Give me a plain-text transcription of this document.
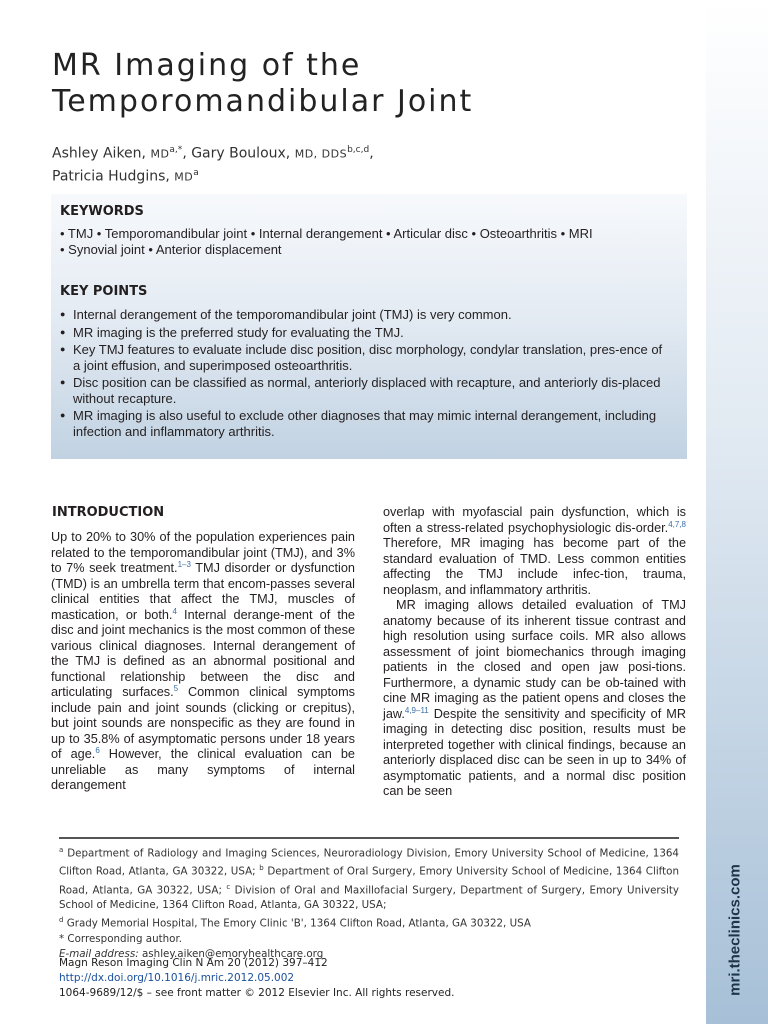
mri.theclinics.com
MR Imaging of the
Temporomandibular Joint
Ashley Aiken, $MD^{a,*}$, Gary Bouloux, MD, DDS$^{b,c,d}$,
Patricia Hudgins, $MD^a$
KEYWORDS
• TMJ • Temporomandibular joint • Internal derangement • Articular disc • Osteoarthritis • MRI
• Synovial joint • Anterior displacement
KEY POINTS
● Internal derangement of the temporomandibular joint (TMJ) is very common.
● MR imaging is the preferred study for evaluating the TMJ.
● Key TMJ features to evaluate include disc position, disc morphology, condylar translation, pres-ence of a joint effusion, and superimposed osteoarthritis.
● Disc position can be classified as normal, anteriorly displaced with recapture, and anteriorly dis-placed without recapture.
● MR imaging is also useful to exclude other diagnoses that may mimic internal derangement, including infection and inflammatory arthritis.
INTRODUCTION

Up to 20% to 30% of the population experiences pain related to the temporomandibular joint (TMJ), and 3% to 7% seek treatment.$^{1-3}$ TMJ disorder or dysfunction (TMD) is an umbrella term that encom-passes several clinical entities that affect the TMJ, muscles of mastication, or both.$^4$ Internal derange-ment of the disc and joint mechanics is the most common of these various clinical diagnoses. Internal derangement of the TMJ is defined as an abnormal positional and functional relationship between the disc and articulating surfaces.$^5$ Common clinical symptoms include pain and joint sounds (clicking or crepitus), but joint sounds are nonspecific as they are found in up to 35.8% of asymptomatic persons under 18 years of age.$^6$ However, the clinical evaluation can be unreliable as many symptoms of internal derangement

overlap with myofascial pain dysfunction, which is often a stress-related psychophysiologic dis-order.$^{4,7,8}$ Therefore, MR imaging has become part of the standard evaluation of TMD. Less common entities affecting the TMJ include infec-tion, trauma, neoplasm, and inflammatory arthritis.

MR imaging allows detailed evaluation of TMJ anatomy because of its inherent tissue contrast and high resolution using surface coils. MR also allows assessment of joint biomechanics through imaging patients in the closed and open jaw posi-tions. Furthermore, a dynamic study can be ob-tained with cine MR imaging as the patient opens and closes the jaw.$^{4,9-11}$ Despite the sensitivity and specificity of MR imaging in detecting disc position, results must be interpreted together with clinical findings, because an anteriorly displaced disc can be seen in up to 34% of asymptomatic patients, and a normal disc position can be seen

$^a$ Department of Radiology and Imaging Sciences, Neuroradiology Division, Emory University School of Medicine, 1364 Clifton Road, Atlanta, GA 30322, USA; $^b$ Department of Oral Surgery, Emory University School of Medicine, 1364 Clifton Road, Atlanta, GA 30322, USA; $^c$ Division of Oral and Maxillofacial Surgery, Department of Surgery, Emory University School of Medicine, 1364 Clifton Road, Atlanta, GA 30322, USA;
$^d$ Grady Memorial Hospital, The Emory Clinic 'B', 1364 Clifton Road, Atlanta, GA 30322, USA
* Corresponding author.
E-mail address: ashley.aiken@emoryhealthcare.org
Magn Reson Imaging Clin N Am 20 (2012) 397–412
http://dx.doi.org/10.1016/j.mric.2012.05.002
1064-9689/12/$ – see front matter © 2012 Elsevier Inc. All rights reserved.
